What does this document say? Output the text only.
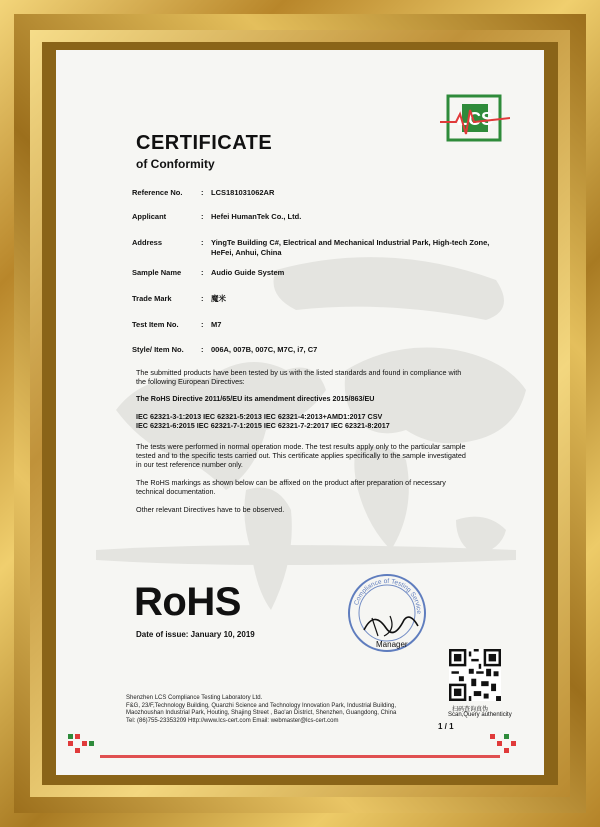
LCS
CERTIFICATE
of Conformity
Reference No. : LCS181031062AR
Applicant	: Hefei HumanTek Co., Ltd.
Address	: YingTe Building C#, Electrical and Mechanical Industrial Park, High-tech Zone, HeFei, Anhui, China
Sample Name	: Audio Guide System
Trade Mark	: 魔米
Test Item No.	: M7
Style/ Item No. : 006A, 007B, 007C, M7C, i7, C7
The submitted products have been tested by us with the listed standards and found in compliance with the following European Directives:
The RoHS Directive 2011/65/EU its amendment directives 2015/863/EU
IEC 62321-3-1:2013 IEC 62321-5:2013 IEC 62321-4:2013+AMD1:2017 CSV
IEC 62321-6:2015 IEC 62321-7-1:2015 IEC 62321-7-2:2017 IEC 62321-8:2017
The tests were performed in normal operation mode. The test results apply only to the particular sample tested and to the specific tests carried out. This certificate applies specifically to the sample investigated in our test reference number only.
The RoHS markings as shown below can be affixed on the product after preparation of necessary technical documentation.
Other relevant Directives have to be observed.
RoHS
Date of issue: January 10, 2019
Compliance of Testing Service
Manager
扫码查询真伪
Scan,Query authenticity
Shenzhen LCS Compliance Testing Laboratory Ltd.
F&G, 23/F,Technology Building, Quanzhi Science and Technology Innovation Park, Industrial Building,
Maozhoushan Industrial Park, Houting, Shajing Street , Bao'an District, Shenzhen, Guangdong, China
Tel: (86)755-23353209 Http://www.lcs-cert.com Email: webmaster@lcs-cert.com
1 / 1
